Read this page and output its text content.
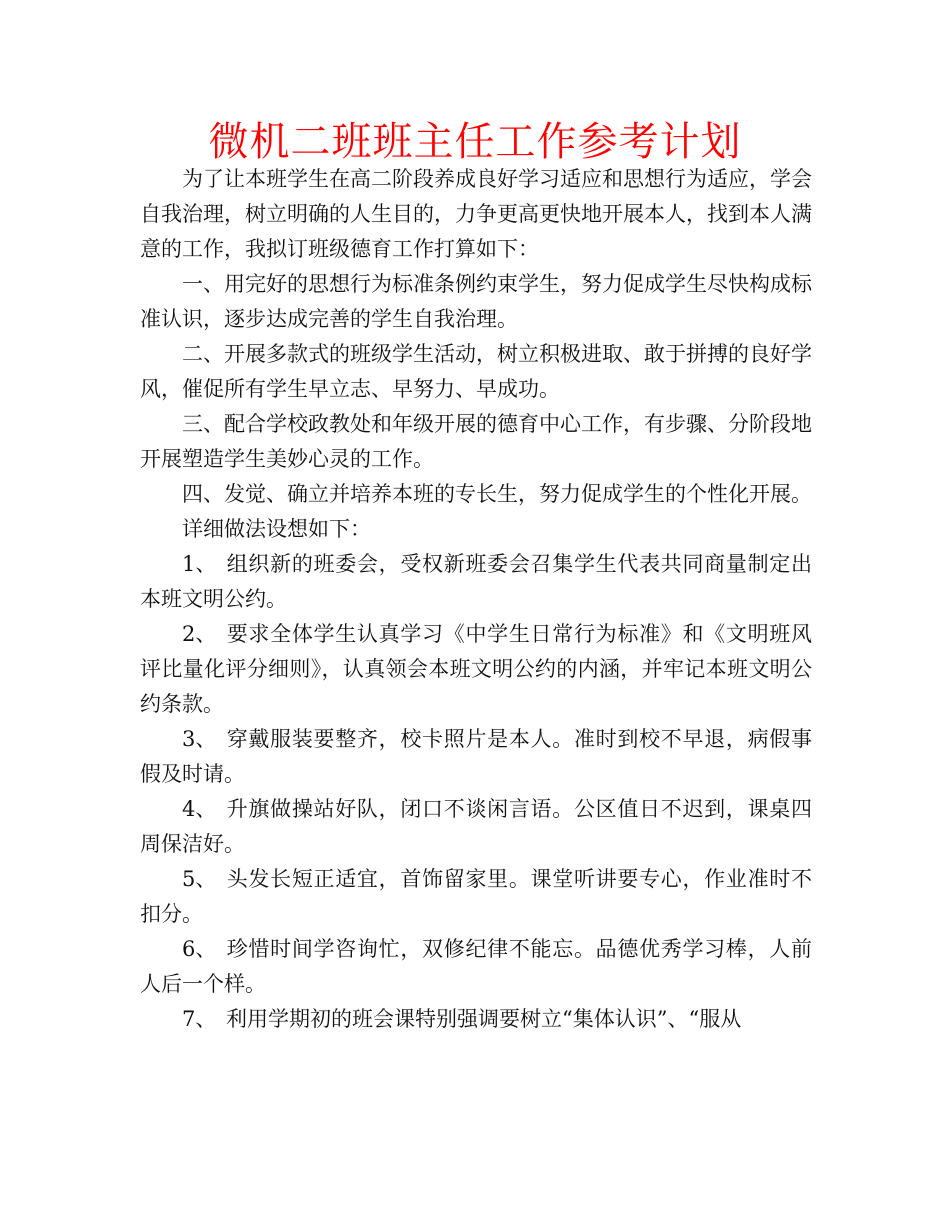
微机二班班主任工作参考计划

为了让本班学生在高二阶段养成良好学习适应和思想行为适应，学会自我治理，树立明确的人生目的，力争更高更快地开展本人，找到本人满意的工作，我拟订班级德育工作打算如下：

一、用完好的思想行为标准条例约束学生，努力促成学生尽快构成标准认识，逐步达成完善的学生自我治理。

二、开展多款式的班级学生活动，树立积极进取、敢于拼搏的良好学风，催促所有学生早立志、早努力、早成功。

三、配合学校政教处和年级开展的德育中心工作，有步骤、分阶段地开展塑造学生美妙心灵的工作。

四、发觉、确立并培养本班的专长生，努力促成学生的个性化开展。

详细做法设想如下：

1、 组织新的班委会，受权新班委会召集学生代表共同商量制定出本班文明公约。

2、 要求全体学生认真学习《中学生日常行为标准》和《文明班风评比量化评分细则》，认真领会本班文明公约的内涵，并牢记本班文明公约条款。

3、 穿戴服装要整齐，校卡照片是本人。准时到校不早退，病假事假及时请。

4、 升旗做操站好队，闭口不谈闲言语。公区值日不迟到，课桌四周保洁好。

5、 头发长短正适宜，首饰留家里。课堂听讲要专心，作业准时不扣分。

6、 珍惜时间学咨询忙，双修纪律不能忘。品德优秀学习棒，人前人后一个样。

7、 利用学期初的班会课特别强调要树立“集体认识”、“服从
